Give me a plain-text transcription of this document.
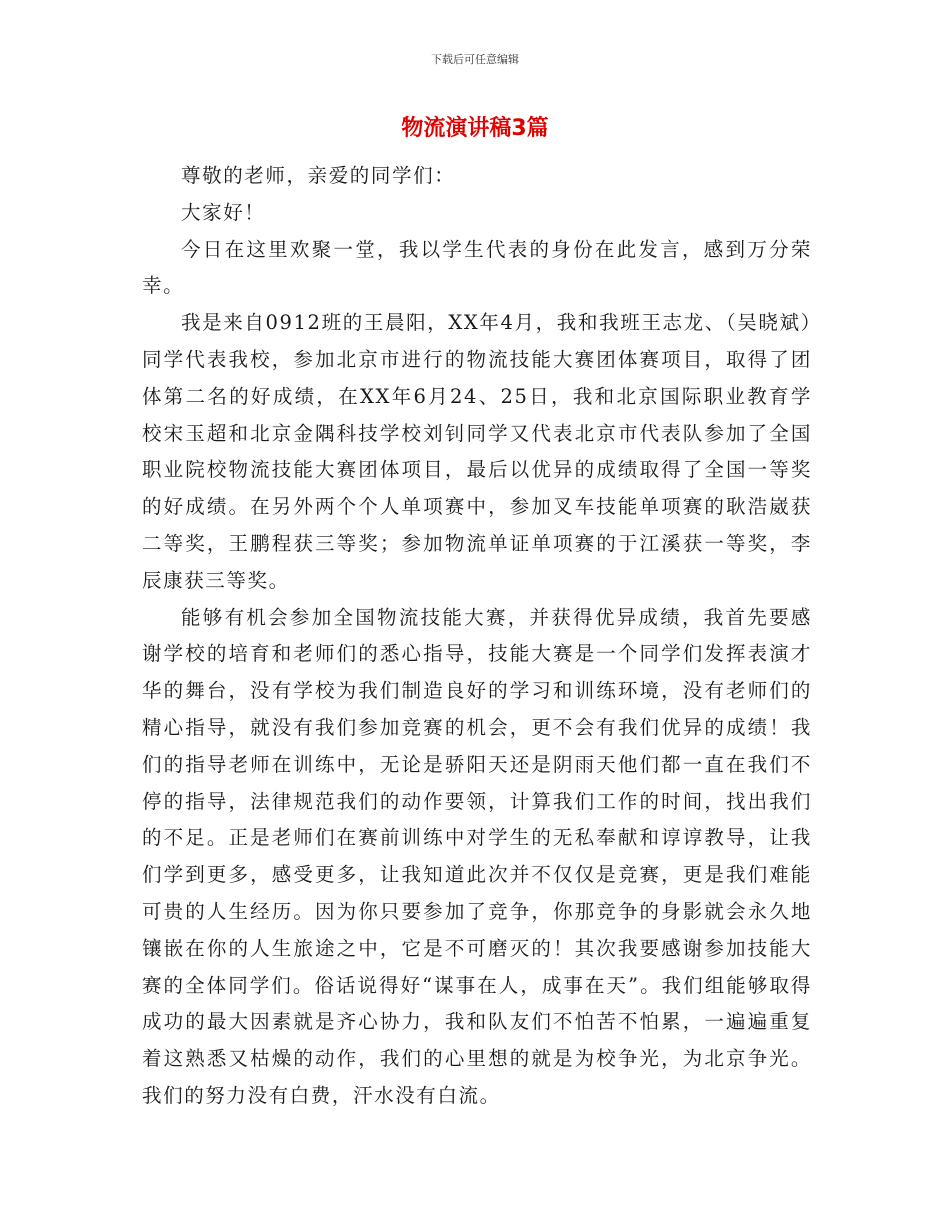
下载后可任意编辑
物流演讲稿3篇

尊敬的老师，亲爱的同学们：

大家好！

今日在这里欢聚一堂，我以学生代表的身份在此发言，感到万分荣幸。

我是来自0912班的王晨阳，XX年4月，我和我班王志龙、（吴晓斌）同学代表我校，参加北京市进行的物流技能大赛团体赛项目，取得了团体第二名的好成绩，在XX年6月24、25日，我和北京国际职业教育学校宋玉超和北京金隅科技学校刘钊同学又代表北京市代表队参加了全国职业院校物流技能大赛团体项目，最后以优异的成绩取得了全国一等奖的好成绩。在另外两个个人单项赛中，参加叉车技能单项赛的耿浩崴获二等奖，王鹏程获三等奖；参加物流单证单项赛的于江溪获一等奖，李辰康获三等奖。

能够有机会参加全国物流技能大赛，并获得优异成绩，我首先要感谢学校的培育和老师们的悉心指导，技能大赛是一个同学们发挥表演才华的舞台，没有学校为我们制造良好的学习和训练环境，没有老师们的精心指导，就没有我们参加竞赛的机会，更不会有我们优异的成绩！我们的指导老师在训练中，无论是骄阳天还是阴雨天他们都一直在我们不停的指导，法律规范我们的动作要领，计算我们工作的时间，找出我们的不足。正是老师们在赛前训练中对学生的无私奉献和谆谆教导，让我们学到更多，感受更多，让我知道此次并不仅仅是竞赛，更是我们难能可贵的人生经历。因为你只要参加了竞争，你那竞争的身影就会永久地镶嵌在你的人生旅途之中，它是不可磨灭的！其次我要感谢参加技能大赛的全体同学们。俗话说得好“谋事在人，成事在天”。我们组能够取得成功的最大因素就是齐心协力，我和队友们不怕苦不怕累，一遍遍重复着这熟悉又枯燥的动作，我们的心里想的就是为校争光，为北京争光。我们的努力没有白费，汗水没有白流。
